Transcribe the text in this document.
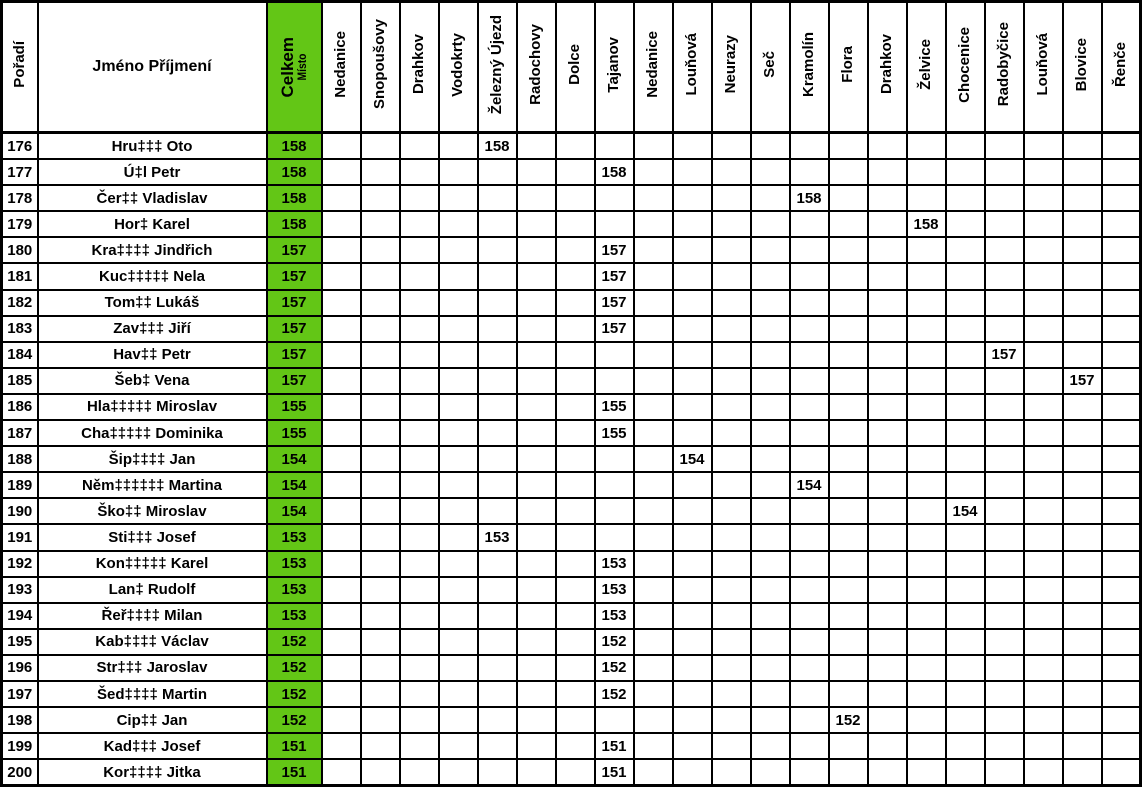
Pořadí	Jméno Příjmení	Celkem Místo	Nedanice	Snopoušovy	Drahkov	Vodokrty	Železný Újezd	Radochovy	Dolce	Tajanov	Nedanice	Louňová	Neurazy	Seč	Kramolín	Flora	Drahkov	Želvice	Chocenice	Radobyčice	Louňová	Blovice	Řenče
176	Hru‡‡‡ Oto	158					158																
177	Ú‡l Petr	158								158													
178	Čer‡‡ Vladislav	158													158								
179	Hor‡ Karel	158																158					
180	Kra‡‡‡‡ Jindřich	157								157													
181	Kuc‡‡‡‡‡ Nela	157								157													
182	Tom‡‡ Lukáš	157								157													
183	Zav‡‡‡ Jiří	157								157													
184	Hav‡‡ Petr	157																		157			
185	Šeb‡ Vena	157																				157	
186	Hla‡‡‡‡‡ Miroslav	155								155													
187	Cha‡‡‡‡‡ Dominika	155								155													
188	Šip‡‡‡‡ Jan	154										154											
189	Něm‡‡‡‡‡‡ Martina	154													154								
190	Ško‡‡ Miroslav	154																	154				
191	Sti‡‡‡ Josef	153					153																
192	Kon‡‡‡‡‡ Karel	153								153													
193	Lan‡ Rudolf	153								153													
194	Řeř‡‡‡‡ Milan	153								153													
195	Kab‡‡‡‡ Václav	152								152													
196	Str‡‡‡ Jaroslav	152								152													
197	Šed‡‡‡‡ Martin	152								152													
198	Cip‡‡ Jan	152														152							
199	Kad‡‡‡ Josef	151								151													
200	Kor‡‡‡‡ Jitka	151								151													
